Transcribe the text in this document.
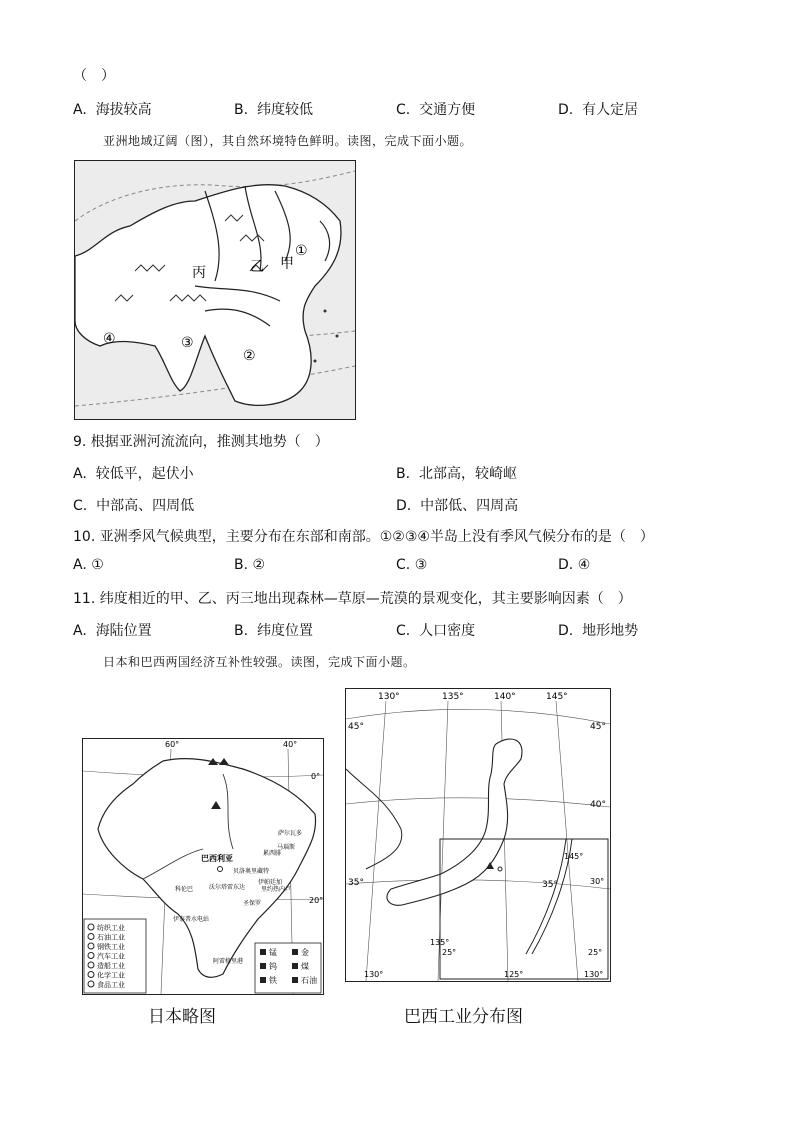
（　）
A. 海拔较高	B. 纬度较低	C. 交通方便	D. 有人定居
亚洲地域辽阔（图），其自然环境特色鲜明。读图，完成下面小题。
丙	乙 甲
①
②
③
④
9. 根据亚洲河流流向，推测其地势（　）
A. 较低平，起伏小	B. 北部高，较崎岖
C. 中部高、四周低	D. 中部低、四周高
10. 亚洲季风气候典型，主要分布在东部和南部。①②③④半岛上没有季风气候分布的是（　）
A. ①	B. ②	C. ③	D. ④
11. 纬度相近的甲、乙、丙三地出现森林—草原—荒漠的景观变化，其主要影响因素（　）
A. 海陆位置	B. 纬度位置	C. 人口密度	D. 地形地势
日本和巴西两国经济互补性较强。读图，完成下面小题。
60°	40°
0°
20°
巴西利亚
马瑙斯
萨尔瓦多
累西腓
贝洛奥里藏特
伊帕廷加
沃尔塔雷东达	里约热内卢
圣保罗
科伦巴
伊泰普水电站
阿雷格里港
纺织工业
石油工业
钢铁工业
汽车工业
造船工业
化学工业
食品工业
锰	金
钨	煤
铁	石油
130°	135°	140°	145°
45°	45°
40°
35°	35°
145°
30°
25°	25°
130°
135°
125°	130°
日本略图	巴西工业分布图
